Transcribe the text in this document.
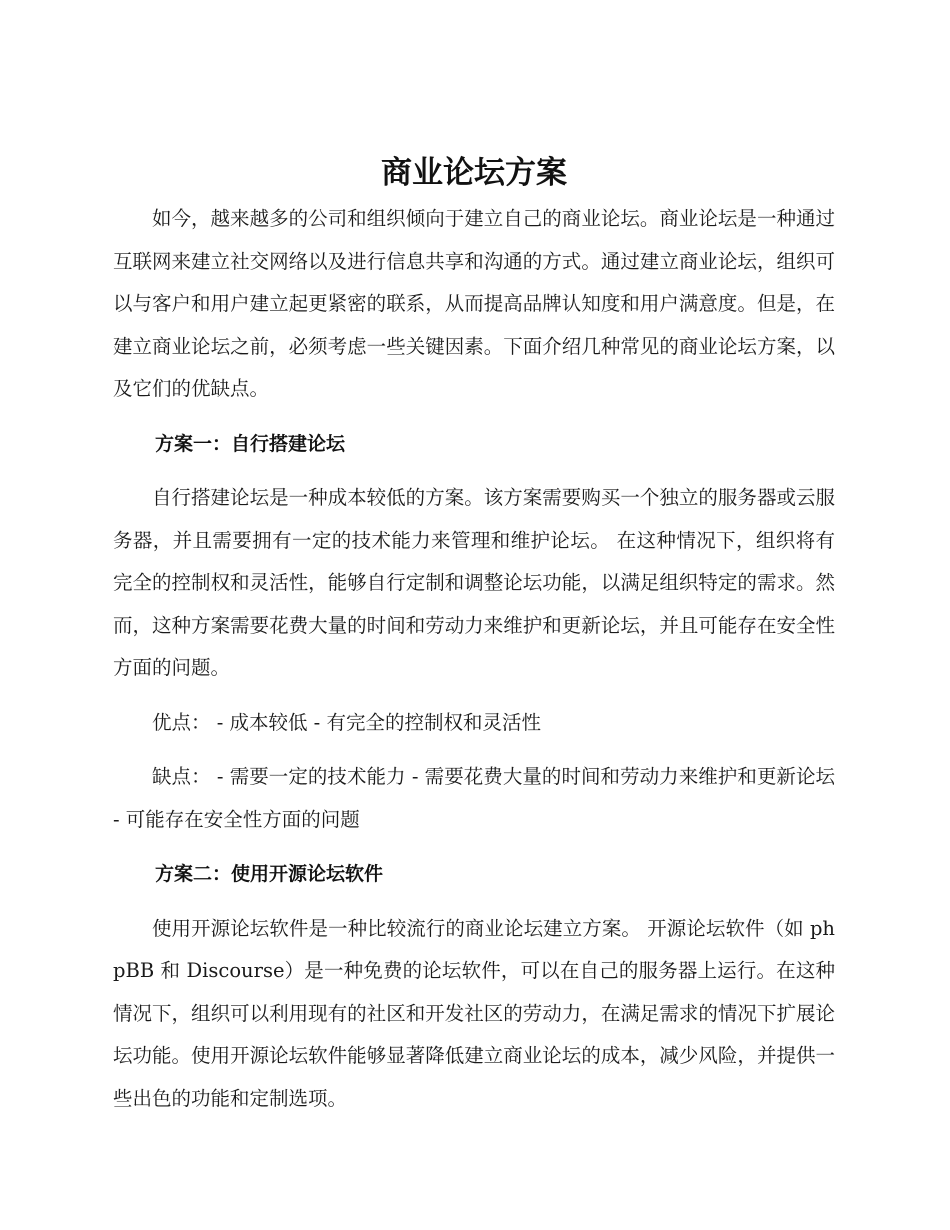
商业论坛方案

如今，越来越多的公司和组织倾向于建立自己的商业论坛。商业论坛是一种通过互联网来建立社交网络以及进行信息共享和沟通的方式。通过建立商业论坛，组织可以与客户和用户建立起更紧密的联系，从而提高品牌认知度和用户满意度。但是，在建立商业论坛之前，必须考虑一些关键因素。下面介绍几种常见的商业论坛方案，以及它们的优缺点。

方案一：自行搭建论坛

自行搭建论坛是一种成本较低的方案。该方案需要购买一个独立的服务器或云服务器，并且需要拥有一定的技术能力来管理和维护论坛。 在这种情况下，组织将有完全的控制权和灵活性，能够自行定制和调整论坛功能，以满足组织特定的需求。然而，这种方案需要花费大量的时间和劳动力来维护和更新论坛，并且可能存在安全性方面的问题。

优点： - 成本较低 - 有完全的控制权和灵活性

缺点： - 需要一定的技术能力 - 需要花费大量的时间和劳动力来维护和更新论坛 - 可能存在安全性方面的问题

方案二：使用开源论坛软件

使用开源论坛软件是一种比较流行的商业论坛建立方案。 开源论坛软件（如 phpBB 和 Discourse）是一种免费的论坛软件，可以在自己的服务器上运行。在这种情况下，组织可以利用现有的社区和开发社区的劳动力，在满足需求的情况下扩展论坛功能。使用开源论坛软件能够显著降低建立商业论坛的成本，减少风险，并提供一些出色的功能和定制选项。
